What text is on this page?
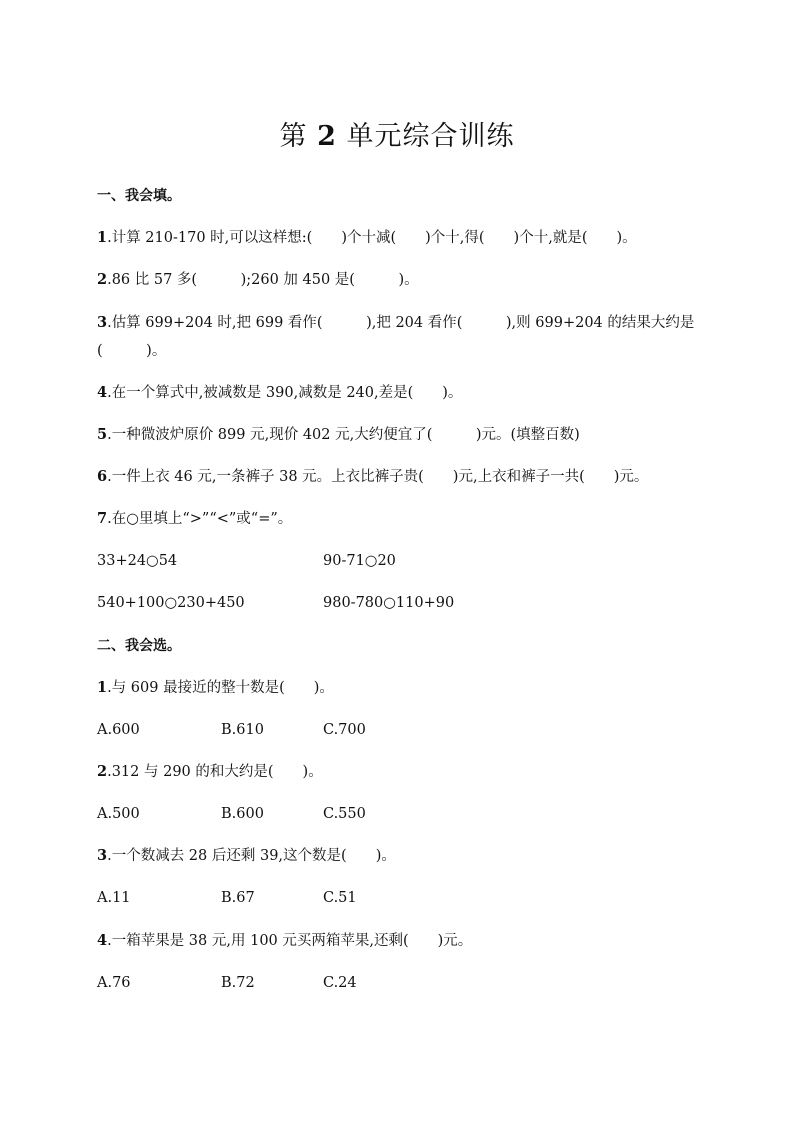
第 2 单元综合训练
一、我会填。
1.计算 210-170 时,可以这样想:(　　)个十减(　　)个十,得(　　)个十,就是(　　)。
2.86 比 57 多(　　　);260 加 450 是(　　　)。
3.估算 699+204 时,把 699 看作(　　　),把 204 看作(　　　),则 699+204 的结果大约是
(　　　)。
4.在一个算式中,被减数是 390,减数是 240,差是(　　)。
5.一种微波炉原价 899 元,现价 402 元,大约便宜了(　　　)元。(填整百数)
6.一件上衣 46 元,一条裤子 38 元。上衣比裤子贵(　　)元,上衣和裤子一共(　　)元。
7.在○里填上“>”“<”或“=”。
33+24○54	90-71○20
540+100○230+450	980-780○110+90
二、我会选。
1.与 609 最接近的整十数是(　　)。
A.600	B.610	C.700
2.312 与 290 的和大约是(　　)。
A.500	B.600	C.550
3.一个数减去 28 后还剩 39,这个数是(　　)。
A.11	B.67	C.51
4.一箱苹果是 38 元,用 100 元买两箱苹果,还剩(　　)元。
A.76	B.72	C.24
